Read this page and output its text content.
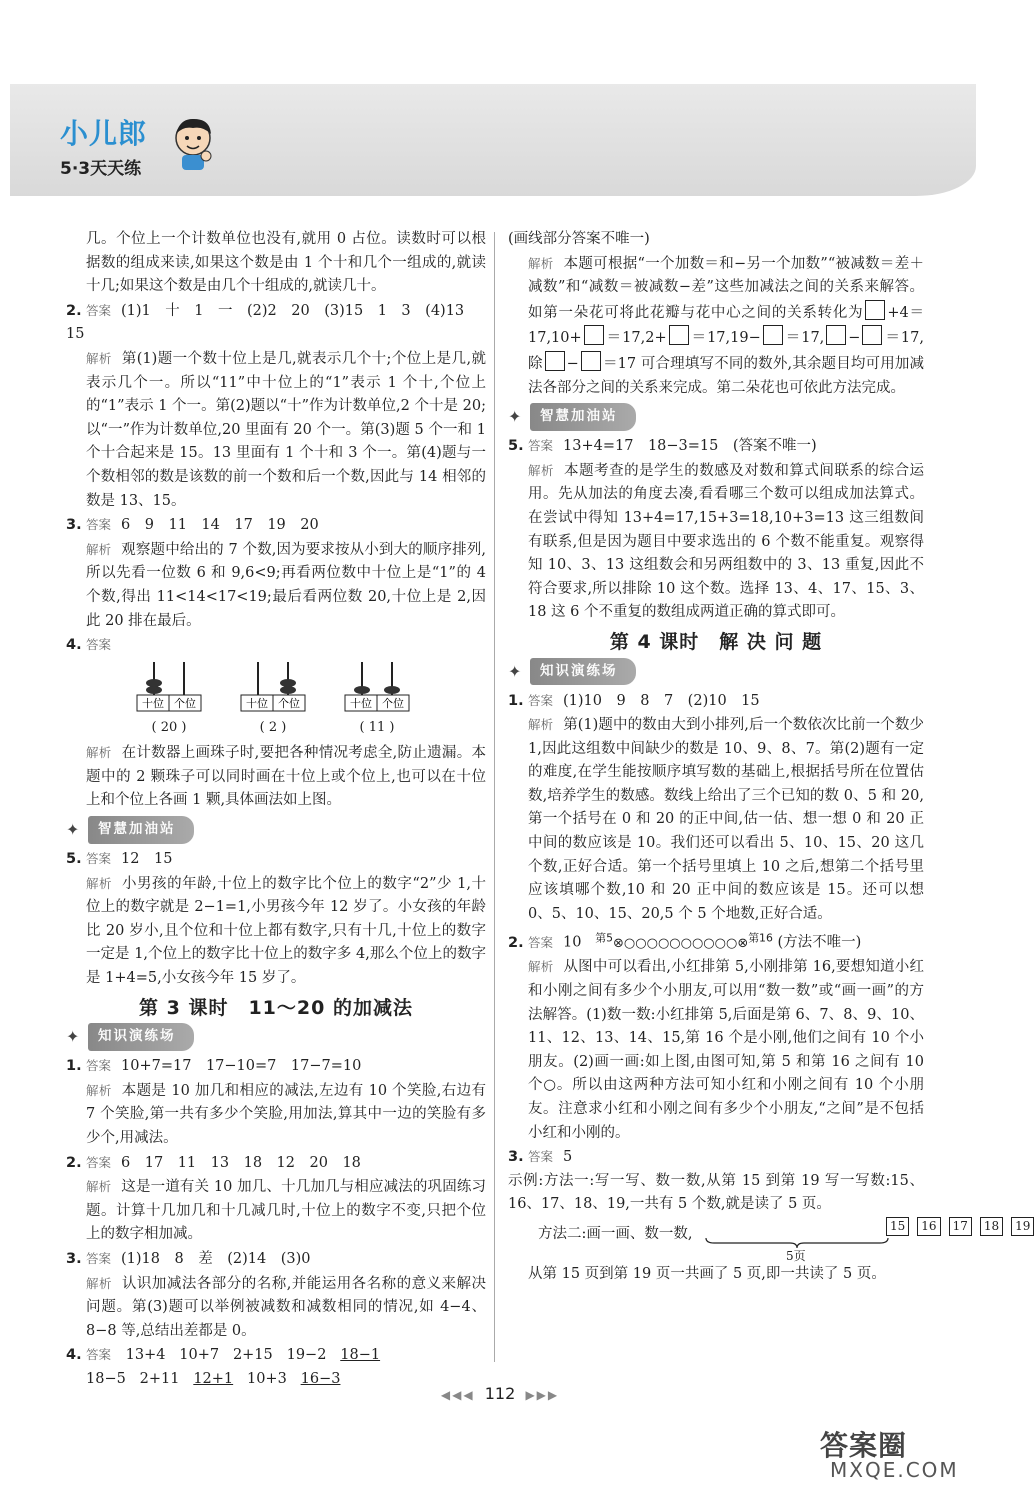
小儿郎
5·3天天练

几。个位上一个计数单位也没有,就用 0 占位。读数时可以根据数的组成来读,如果这个数是由 1 个十和几个一组成的,就读十几;如果这个数是由几个十组成的,就读几十。

2. 答案 (1)1　十　1　一　(2)2　20　(3)15　1　3　(4)13　15

解析 第(1)题一个数十位上是几,就表示几个十;个位上是几,就表示几个一。所以“11”中十位上的“1”表示 1 个十,个位上的“1”表示 1 个一。第(2)题以“十”作为计数单位,2 个十是 20;以“一”作为计数单位,20 里面有 20 个一。第(3)题 5 个一和 1 个十合起来是 15。13 里面有 1 个十和 3 个一。第(4)题与一个数相邻的数是该数的前一个数和后一个数,因此与 14 相邻的数是 13、15。

3. 答案 6　9　11　14　17　19　20

解析 观察题中给出的 7 个数,因为要求按从小到大的顺序排列,所以先看一位数 6 和 9,6<9;再看两位数中十位上是“1”的 4 个数,得出 11<14<17<19;最后看两位数 20,十位上是 2,因此 20 排在最后。

4. 答案
十位 个位
( 20 )
十位 个位
( 2 )
十位 个位
( 11 )

解析 在计数器上画珠子时,要把各种情况考虑全,防止遗漏。本题中的 2 颗珠子可以同时画在十位上或个位上,也可以在十位上和个位上各画 1 颗,具体画法如上图。

✦	智慧加油站
5. 答案 12　15

解析 小男孩的年龄,十位上的数字比个位上的数字“2”少 1,十位上的数字就是 2−1=1,小男孩今年 12 岁了。小女孩的年龄比 20 岁小,且个位和十位上都有数字,只有十几,十位上的数字一定是 1,个位上的数字比十位上的数字多 4,那么个位上的数字是 1+4=5,小女孩今年 15 岁了。

第 3 课时　11～20 的加减法
✦	知识演练场
1. 答案 10+7=17　17−10=7　17−7=10

解析 本题是 10 加几和相应的减法,左边有 10 个笑脸,右边有 7 个笑脸,第一共有多少个笑脸,用加法,算其中一边的笑脸有多少个,用减法。

2. 答案 6　17　11　13　18　12　20　18

解析 这是一道有关 10 加几、十几加几与相应减法的巩固练习题。计算十几加几和十几减几时,十位上的数字不变,只把个位上的数字相加减。

3. 答案 (1)18　8　差　(2)14　(3)0

解析 认识加减法各部分的名称,并能运用各名称的意义来解决问题。第(3)题可以举例被减数和减数相同的情况,如 4−4、8−8 等,总结出差都是 0。

4. 答案 13+4 10+7 2+15 19−2 18−1
18−5 2+11 12+1 10+3 16−3

(画线部分答案不唯一)

解析 本题可根据“一个加数＝和−另一个加数”“被减数＝差＋减数”和“减数＝被减数−差”这些加减法之间的关系来解答。如第一朵花可将此花瓣与花中心之间的关系转化为 +4＝17,10+ ＝17,2+ ＝17,19− ＝17, − ＝17,除 − ＝17 可合理填写不同的数外,其余题目均可用加减法各部分之间的关系来完成。第二朵花也可依此方法完成。

✦	智慧加油站
5. 答案 13+4=17　18−3=15　(答案不唯一)

解析 本题考查的是学生的数感及对数和算式间联系的综合运用。先从加法的角度去凑,看看哪三个数可以组成加法算式。在尝试中得知 13+4=17,15+3=18,10+3=13 这三组数间有联系,但是因为题目中要求选出的 6 个数不能重复。观察得知 10、3、13 这组数会和另两组数中的 3、13 重复,因此不符合要求,所以排除 10 这个数。选择 13、4、17、15、3、18 这 6 个不重复的数组成两道正确的算式即可。

第 4 课时　解 决 问 题
✦	知识演练场
1. 答案 (1)10　9　8　7　(2)10　15

解析 第(1)题中的数由大到小排列,后一个数依次比前一个数少 1,因此这组数中间缺少的数是 10、9、8、7。第(2)题有一定的难度,在学生能按顺序填写数的基础上,根据括号所在位置估数,培养学生的数感。数线上给出了三个已知的数 0、5 和 20,第一个括号在 0 和 20 的正中间,估一估、想一想 0 和 20 正中间的数应该是 10。我们还可以看出 5、10、15、20 这几个数,正好合适。第一个括号里填上 10 之后,想第二个括号里应该填哪个数,10 和 20 正中间的数应该是 15。还可以想 0、5、10、15、20,5 个 5 个地数,正好合适。

2. 答案 10 $^{第5}$⊗○○○○○○○○○○⊗$^{第16}$ (方法不唯一)

解析 从图中可以看出,小红排第 5,小刚排第 16,要想知道小红和小刚之间有多少个小朋友,可以用“数一数”或“画一画”的方法解答。(1)数一数:小红排第 5,后面是第 6、7、8、9、10、11、12、13、14、15,第 16 个是小刚,他们之间有 10 个小朋友。(2)画一画:如上图,由图可知,第 5 和第 16 之间有 10 个○。所以由这两种方法可知小红和小刚之间有 10 个小朋友。注意求小红和小刚之间有多少个小朋友,“之间”是不包括小红和小刚的。

3. 答案 5

示例:方法一:写一写、数一数,从第 15 到第 19 写一写数:15、16、17、18、19,一共有 5 个数,就是读了 5 页。

方法二:画一画、数一数,	15	16	17	18	19
5页

从第 15 页到第 19 页一共画了 5 页,即一共读了 5 页。

◀◀◀ 112 ▶▶▶
答案圈
MXQE.COM
